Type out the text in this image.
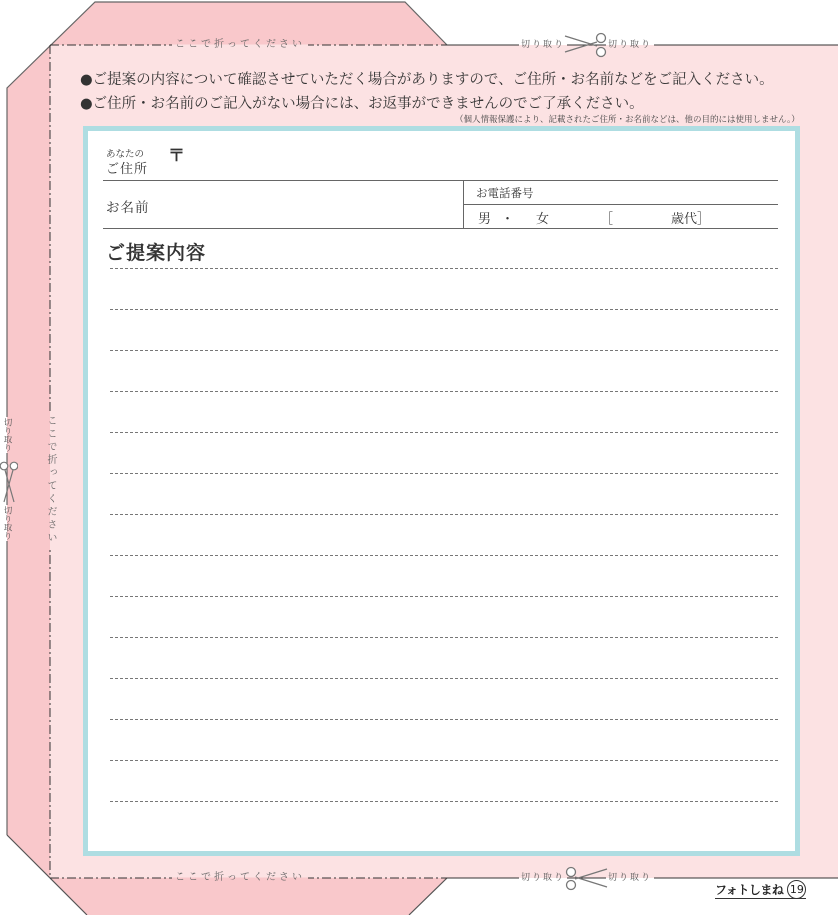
ここで折ってください
ここで折ってください
ここで折ってください
切り取り	切り取り
切り取り	切り取り
切り取り
切り取り
●ご提案の内容について確認させていただく場合がありますので、ご住所・お名前などをご記入ください。
●ご住所・お名前のご記入がない場合には、お返事ができませんのでご了承ください。
（個人情報保護により、記載されたご住所・お名前などは、他の目的には使用しません。）
あなたの
ご住所
〒
お名前
お電話番号
男 ・ 女	［	歳代］
ご提案内容
フォトしまね 19
